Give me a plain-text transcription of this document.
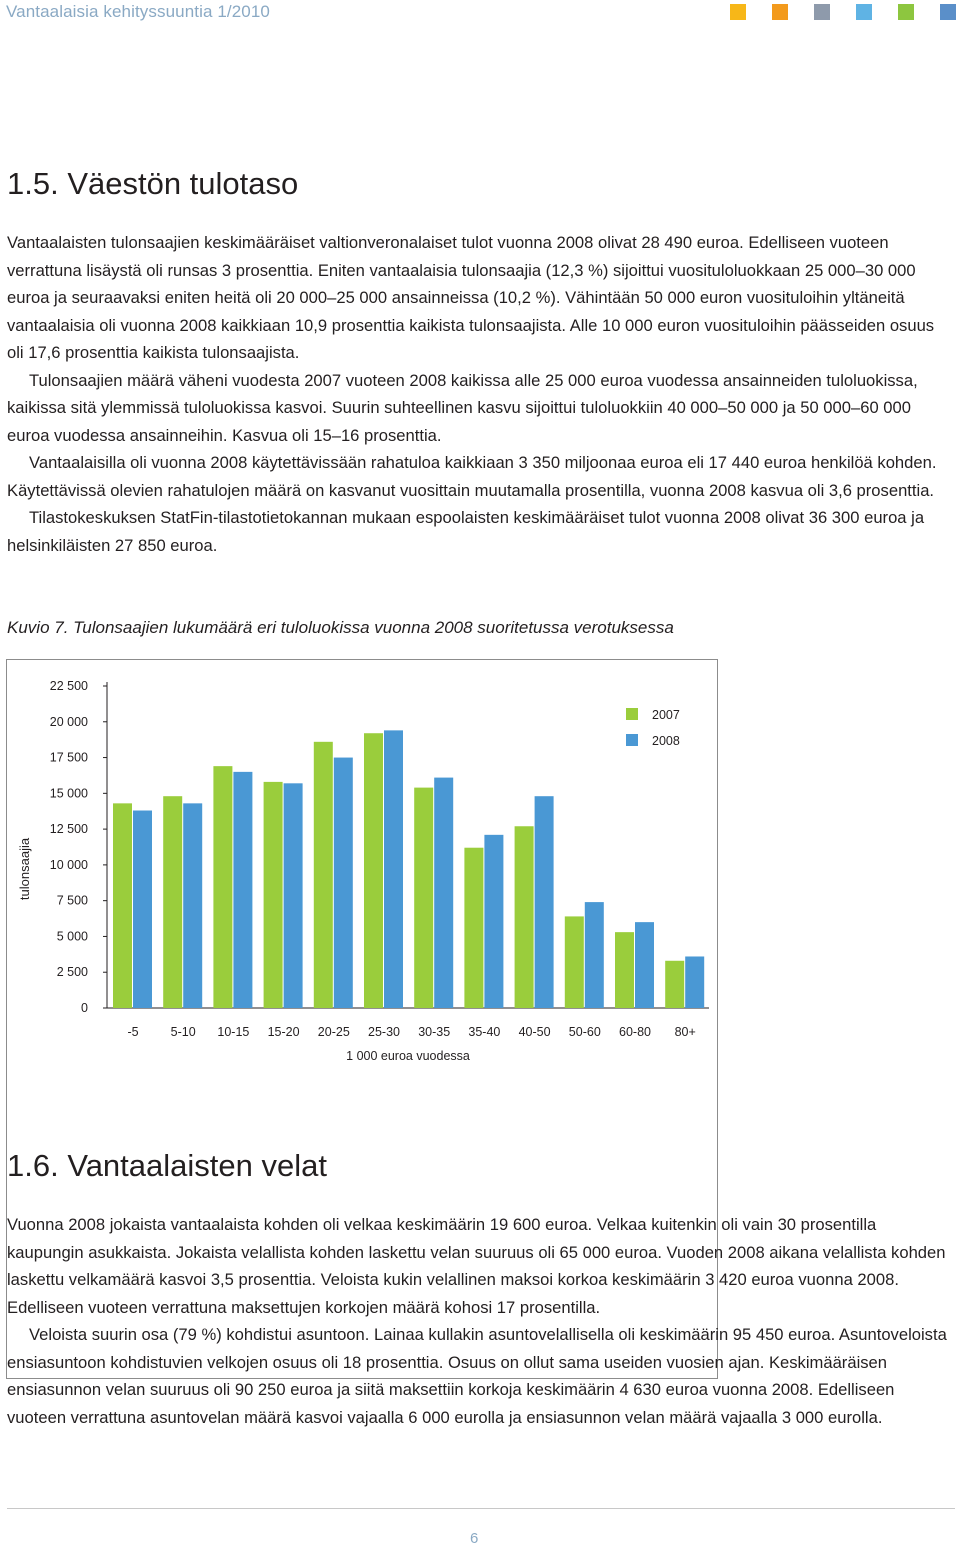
Vantaalaisia kehityssuuntia 1/2010
1.5. Väestön tulotaso

Vantaalaisten tulonsaajien keskimääräiset valtionveronalaiset tulot vuonna 2008 olivat 28 490 euroa. Edelliseen vuoteen verrattuna lisäystä oli runsas 3 prosenttia. Eniten vantaalaisia tulonsaajia (12,3 %) sijoittui vuosituloluokkaan 25 000–30 000 euroa ja seuraavaksi eniten heitä oli 20 000–25 000 ansainneissa (10,2 %). Vähintään 50 000 euron vuosituloihin yltäneitä vantaalaisia oli vuonna 2008 kaikkiaan 10,9 prosenttia kaikista tulonsaajista. Alle 10 000 euron vuosituloihin päässeiden osuus oli 17,6 prosenttia kaikista tulonsaajista.

Tulonsaajien määrä väheni vuodesta 2007 vuoteen 2008 kaikissa alle 25 000 euroa vuodessa ansainneiden tuloluokissa, kaikissa sitä ylemmissä tuloluokissa kasvoi. Suurin suhteellinen kasvu sijoittui tuloluokkiin 40 000–50 000 ja 50 000–60 000 euroa vuodessa ansainneihin. Kasvua oli 15–16 prosenttia.

Vantaalaisilla oli vuonna 2008 käytettävissään rahatuloa kaikkiaan 3 350 miljoonaa euroa eli 17 440 euroa henkilöä kohden. Käytettävissä olevien rahatulojen määrä on kasvanut vuosittain muutamalla prosentilla, vuonna 2008 kasvua oli 3,6 prosenttia.

Tilastokeskuksen StatFin-tilastotietokannan mukaan espoolaisten keskimääräiset tulot vuonna 2008 olivat 36 300 euroa ja helsinkiläisten 27 850 euroa.

Kuvio 7. Tulonsaajien lukumäärä eri tuloluokissa vuonna 2008 suoritetussa verotuksessa
0
2 500
5 000
7 500
10 000
12 500
15 000
17 500
20 000
22 500
tulonsaajia
-5	5-10 10-15 15-20 20-25 25-30 30-35 35-40 40-50 50-60 60-80 80+
1 000 euroa vuodessa
2007
2008
1.6. Vantaalaisten velat

Vuonna 2008 jokaista vantaalaista kohden oli velkaa keskimäärin 19 600 euroa. Velkaa kuitenkin oli vain 30 prosentilla kaupungin asukkaista. Jokaista velallista kohden laskettu velan suuruus oli 65 000 euroa. Vuoden 2008 aikana velallista kohden laskettu velkamäärä kasvoi 3,5 prosenttia. Veloista kukin velallinen maksoi korkoa keskimäärin 3 420 euroa vuonna 2008. Edelliseen vuoteen verrattuna maksettujen korkojen määrä kohosi 17 prosentilla.

Veloista suurin osa (79 %) kohdistui asuntoon. Lainaa kullakin asuntovelallisella oli keskimäärin 95 450 euroa. Asuntoveloista ensiasuntoon kohdistuvien velkojen osuus oli 18 prosenttia. Osuus on ollut sama useiden vuosien ajan. Keskimääräisen ensiasunnon velan suuruus oli 90 250 euroa ja siitä maksettiin korkoja keskimäärin 4 630 euroa vuonna 2008. Edelliseen vuoteen verrattuna asuntovelan määrä kasvoi vajaalla 6 000 eurolla ja ensiasunnon velan määrä vajaalla 3 000 eurolla.

6
